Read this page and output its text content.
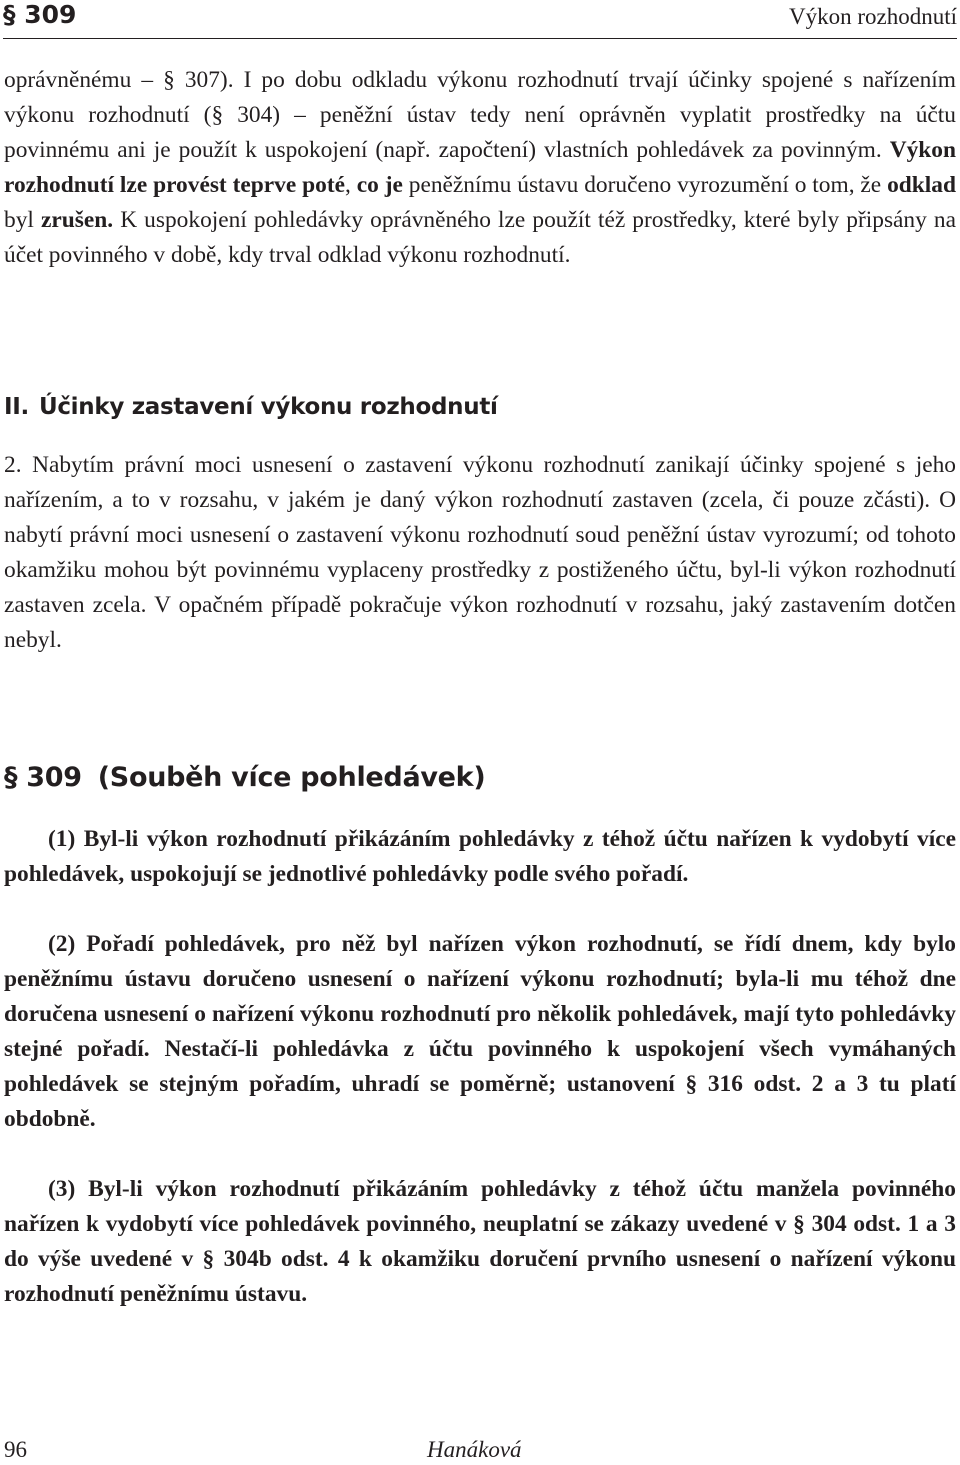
§ 309	Výkon rozhodnutí

oprávněnému – § 307). I po dobu odkladu výkonu rozhodnutí trvají účinky spojené s nařízením výkonu rozhodnutí (§ 304) – peněžní ústav tedy není oprávněn vyplatit prostředky na účtu povinnému ani je použít k uspokojení (např. započtení) vlastních pohledávek za povinným. Výkon rozhodnutí lze provést teprve poté, co je peněžnímu ústavu doručeno vyrozumění o tom, že odklad byl zrušen. K uspokojení pohledávky oprávněného lze použít též prostředky, které byly připsány na účet povinného v době, kdy trval odklad výkonu rozhodnutí.

II. Účinky zastavení výkonu rozhodnutí

2. Nabytím právní moci usnesení o zastavení výkonu rozhodnutí zanikají účinky spojené s jeho nařízením, a to v rozsahu, v jakém je daný výkon rozhodnutí zastaven (zcela, či pouze zčásti). O nabytí právní moci usnesení o zastavení výkonu rozhodnutí soud peněžní ústav vyrozumí; od tohoto okamžiku mohou být povinnému vyplaceny prostředky z postiženého účtu, byl-li výkon rozhodnutí zastaven zcela. V opačném případě pokračuje výkon rozhodnutí v rozsahu, jaký zastavením dotčen nebyl.

§ 309 (Souběh více pohledávek)

(1) Byl-li výkon rozhodnutí přikázáním pohledávky z téhož účtu nařízen k vydobytí více pohledávek, uspokojují se jednotlivé pohledávky podle svého pořadí.

(2) Pořadí pohledávek, pro něž byl nařízen výkon rozhodnutí, se řídí dnem, kdy bylo peněžnímu ústavu doručeno usnesení o nařízení výkonu rozhodnutí; byla-li mu téhož dne doručena usnesení o nařízení výkonu rozhodnutí pro několik pohledávek, mají tyto pohledávky stejné pořadí. Nestačí-li pohledávka z účtu povinného k uspokojení všech vymáhaných pohledávek se stejným pořadím, uhradí se poměrně; ustanovení § 316 odst. 2 a 3 tu platí obdobně.

(3) Byl-li výkon rozhodnutí přikázáním pohledávky z téhož účtu manžela povinného nařízen k vydobytí více pohledávek povinného, neuplatní se zákazy uvedené v § 304 odst. 1 a 3 do výše uvedené v § 304b odst. 4 k okamžiku doručení prvního usnesení o nařízení výkonu rozhodnutí peněžnímu ústavu.

96	Hanáková
